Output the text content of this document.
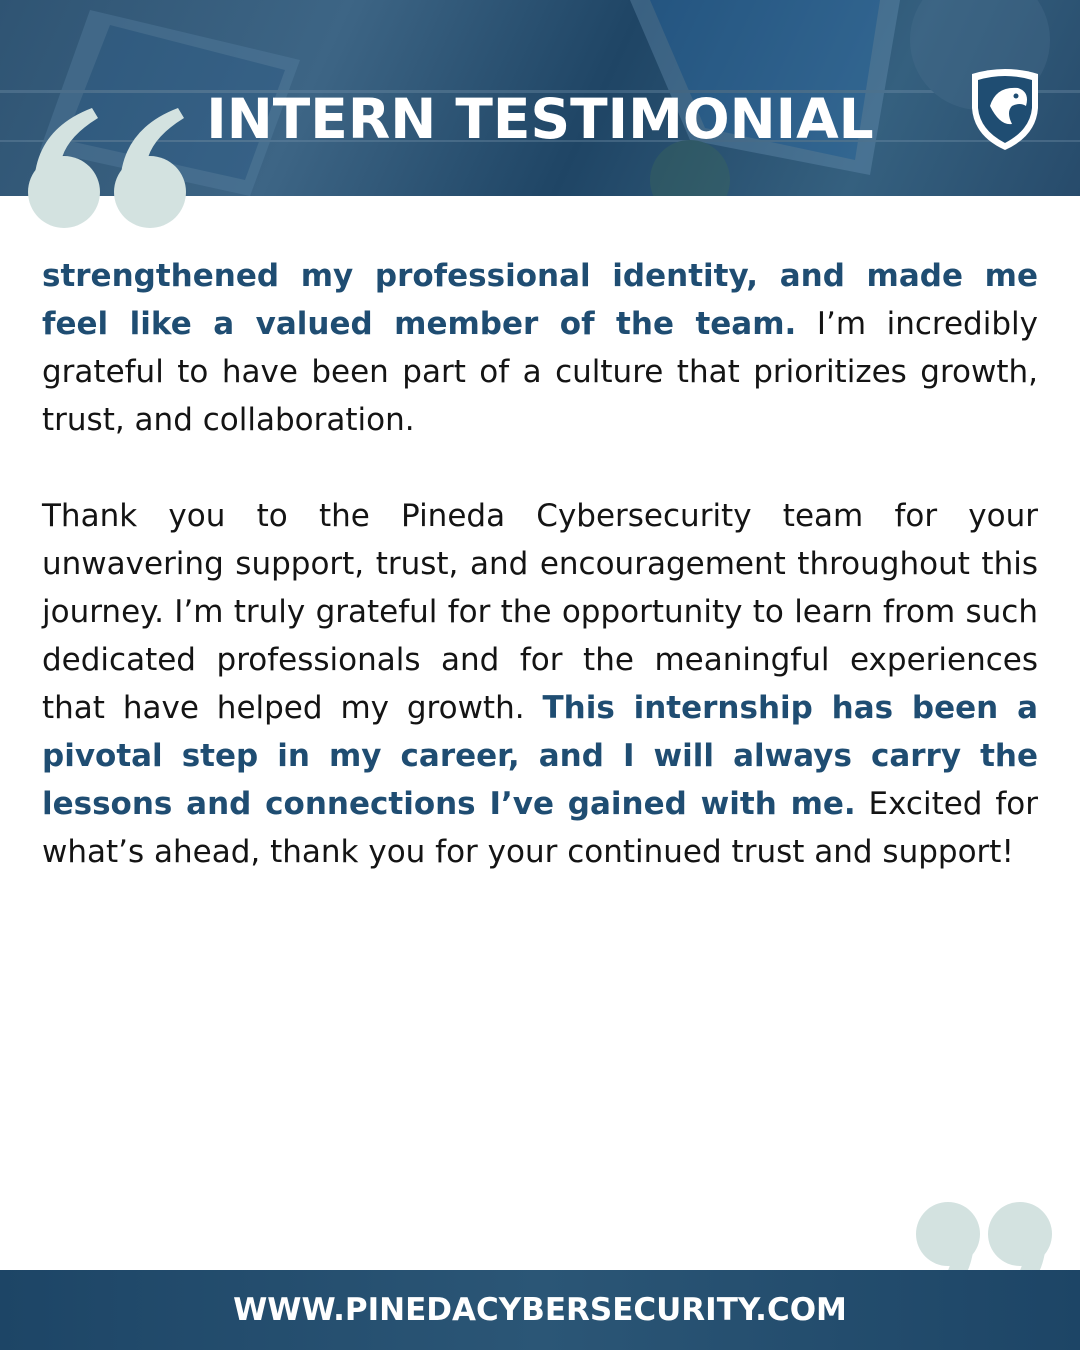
INTERN TESTIMONIAL

strengthened my professional identity, and made me feel like a valued member of the team. I’m incredibly grateful to have been part of a culture that prioritizes growth, trust, and collaboration.

Thank you to the Pineda Cybersecurity team for your unwavering support, trust, and encouragement throughout this journey. I’m truly grateful for the opportunity to learn from such dedicated professionals and for the meaningful experiences that have helped my growth. This internship has been a pivotal step in my career, and I will always carry the lessons and connections I’ve gained with me. Excited for what’s ahead, thank you for your continued trust and support!

WWW.PINEDACYBERSECURITY.COM
